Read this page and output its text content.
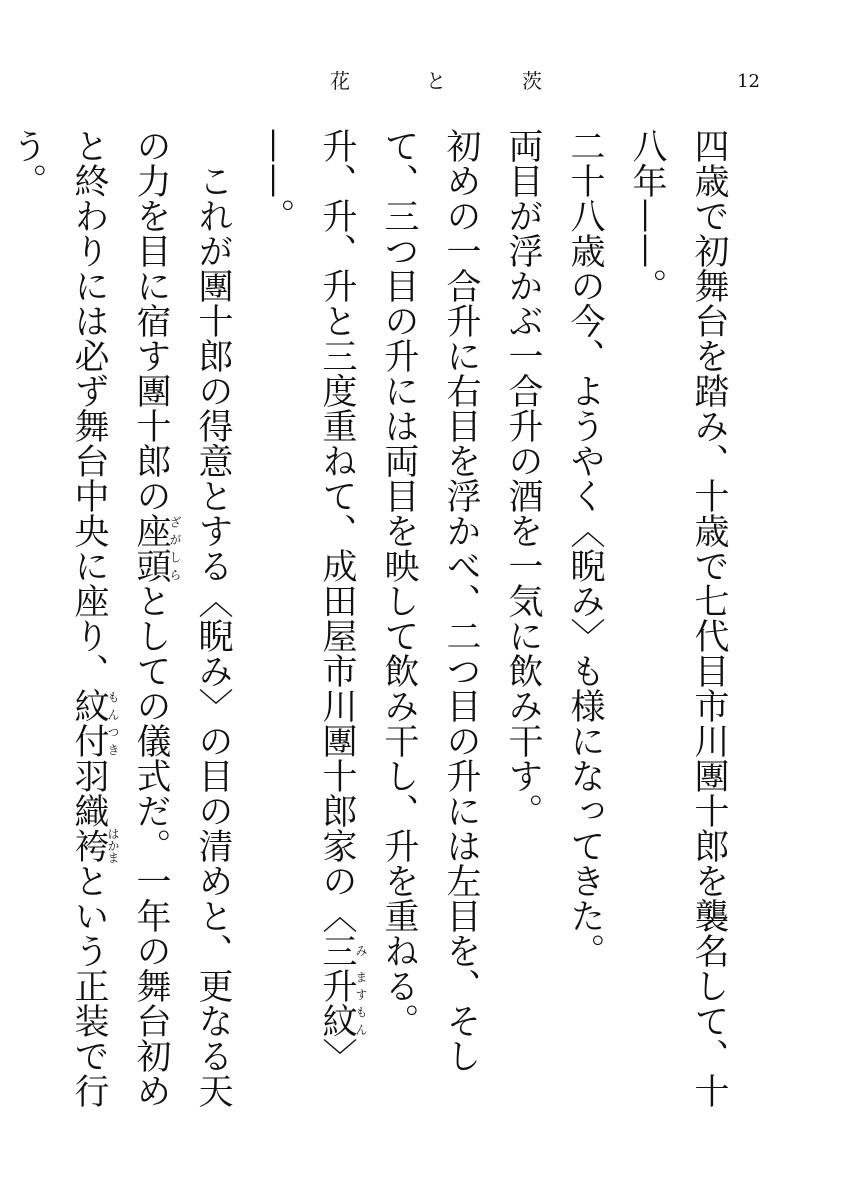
花　と　茨	12

四歳で初舞台を踏み、十歳で七代目市川團十郎を襲名して、十八年——。

二十八歳の今、ようやく〈睨み〉も様になってきた。

両目が浮かぶ一合升の酒を一気に飲み干す。

初めの一合升に右目を浮かべ、二つ目の升には左目を、そして、三つ目の升には両目を映して飲み干し、升を重ねる。

升、升、升と三度重ねて、成田屋市川團十郎家の〈三み升紋ますもん〉——。

これが團十郎の得意とする〈睨み〉の目の清めと、更なる天の力を目に宿す團十郎の座頭ざがしらとしての儀式だ。一年の舞台初めと終わりには必ず舞台中央に座り、紋付もんつき羽織袴はかまという正装で行う。
